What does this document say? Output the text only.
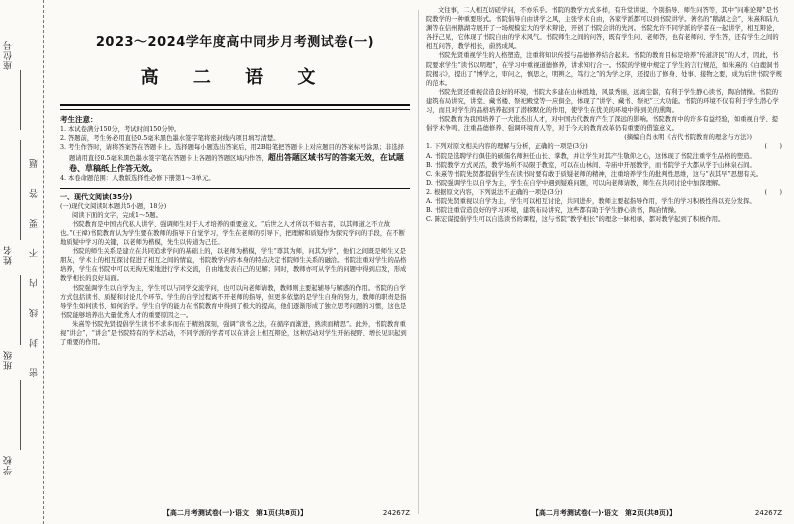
学校
班级
姓名
座位号
密 封 线 内 不 要 答 题
2023～2024学年度高中同步月考测试卷(一)
高 二 语 文
考生注意：
1. 本试卷满分150分，考试时间150分钟。
2. 答题前，考生务必用直径0.5毫米黑色墨水签字笔将密封线内项目填写清楚。
3. 考生作答时，请将答案答在答题卡上。选择题每小题选出答案后，用2B铅笔把答题卡上对应题目的答案标号涂黑；非选择题请用直径0.5毫米黑色墨水签字笔在答题卡上各题的答题区域内作答，超出答题区域书写的答案无效，在试题卷、草稿纸上作答无效。
4. 本卷命题范围：人教版选择性必修下册第1～3单元。
一、现代文阅读(35分)
(一)现代文阅读Ⅰ(本题共5小题，18分)
阅读下面的文字，完成1～5题。
书院教育是中国古代私人讲学、强调师生对于人才培养的重要意义。“后世之人才所以不如古者，以其师道之不立故也。”(王禕)书院教育认为学生要在教师的指导下自觉学习，学生在老师的引导下，把理解和质疑作为探究学问的手段，在不断地质疑中学习的关键，以老师为楷模，先生以传道为己任。
书院的师生关系是建立在共同追求学问的基础上的，以老师为楷模，学生“尊其为师，问其为学”，他们之间既是师生又是朋友，学术上的相互探讨促进了相互之间的情谊，书院教学内容本身的特点决定书院师生关系的融洽。书院注重对学生的品格培养，学生在书院中可以无拘无束地进行学术交流，自由地发表自己的见解；同时，教师亦可从学生的问题中得到启发，形成教学相长的良好局面。
书院强调学生以自学为主，学生可以与同学交流学问，也可以向老师请教，教师则主要起辅导与解惑的作用。书院的自学方式包括读书、质疑和讨论几个环节。学生的自学过程离不开老师的指导，但更多依靠的是学生自身的努力，教师的职责是指导学生如何读书、如何治学。学生自学的能力在书院教育中得到了极大的提高，他们逐渐形成了独立思考问题的习惯，这也是书院能够培养出大量优秀人才的重要原因之一。
朱熹等书院先贤提倡学生读书不求多而在于精熟深刻，强调“读书之法，在循序而渐进，熟读而精思”。此外，书院教育重视“讲会”，“讲会”是书院特有的学术活动，不同学派的学者可以在讲会上相互辩论，这种活动对学生开拓视野、增长见识起到了重要的作用。
【高二月考测试卷(一)·语文　第1页(共8页)】	24267Z
文往事，二人相互切磋学问，不亦乐乎。书院的教学方式多样，有升堂讲说、个别指导、师生问答等，其中“问难论辩”是书院教学的一种重要形式。书院倡导自由讲学之风，主张学术自由，各家学派都可以到书院讲学。著名的“鹅湖之会”，朱熹和陆九渊等在信州鹅湖寺展开了一场规模宏大的学术辩论，开创了书院会讲的先河。书院允许不同学派的学者在一起讲学，相互辩论，各抒己见，它体现了书院自由的学术风气。书院师生之间的问答，既有学生问、老师答，也有老师问、学生答，还有学生之间的相互问答，教学相长，蔚然成风。
书院先贤重视学生的人格塑造，注重将知识传授与品德修养结合起来。书院的教育目标是培养“传道济民”的人才，因此，书院要求学生“读书以明理”，在学习中重视道德修养，讲求知行合一。书院的学规中规定了学生的言行规范，如朱熹的《白鹿洞书院揭示》，提出了“博学之，审问之，慎思之，明辨之，笃行之”的为学之序，还提出了修身、处事、接物之要，成为后世书院学规的范本。
书院先贤还重视营造良好的环境，书院大多建在山林胜地，风景秀丽，远离尘嚣，有利于学生静心读书，陶冶情操。书院的建筑布局讲究，讲堂、藏书楼、祭祀殿堂等一应俱全，体现了“讲学、藏书、祭祀”三大功能。书院的环境不仅有利于学生潜心学习，而且对学生的品格培养起到了潜移默化的作用，使学生在优美的环境中得到美的熏陶。
书院教育为我国培养了一大批杰出人才，对中国古代教育产生了深远的影响。书院教育中的许多有益经验，如重视自学、提倡学术争鸣、注重品德修养、强调环境育人等，对于今天的教育改革仍有重要的借鉴意义。
(摘编自肖永明《古代书院教育的理念与方法》)
(　　)
1. 下列对原文相关内容的理解与分析，正确的一项是(3分)
A. 书院是选聘学行俱佳的硕儒名师担任山长、掌教，并让学生对其产生敬仰之心，这体现了书院注重学生品格的塑造。
B. 书院教学方式灵活，教学场所不局限于教室，可以在山林间、寺庙中开展教学，而书院学子大都从学于山林泉石间。
C. 朱熹等书院先贤都提倡学生在读书时要有敢于质疑老师的精神，注重培养学生的批判性思维，这与“表其早”思想有关。
D. 书院强调学生以自学为主，学生在自学中遇到疑难问题，可以向老师请教，师生在共同讨论中加深理解。
(　　)
2. 根据原文内容，下列说法不正确的一项是(3分)
A. 书院先贤重视以自学为主，学生可以相互讨论，共同进步，教师主要起指导作用，学生的学习积极性得以充分发挥。
B. 书院注重营造良好的学习环境，建筑布局讲究，这些都有助于学生静心读书，陶冶情操。
C. 陈宏谋提倡学生可以自选读书的课程，这与书院“教学相长”的理念一脉相承，都对教学起到了积极作用。
【高二月考测试卷(一)·语文　第2页(共8页)】	24267Z
